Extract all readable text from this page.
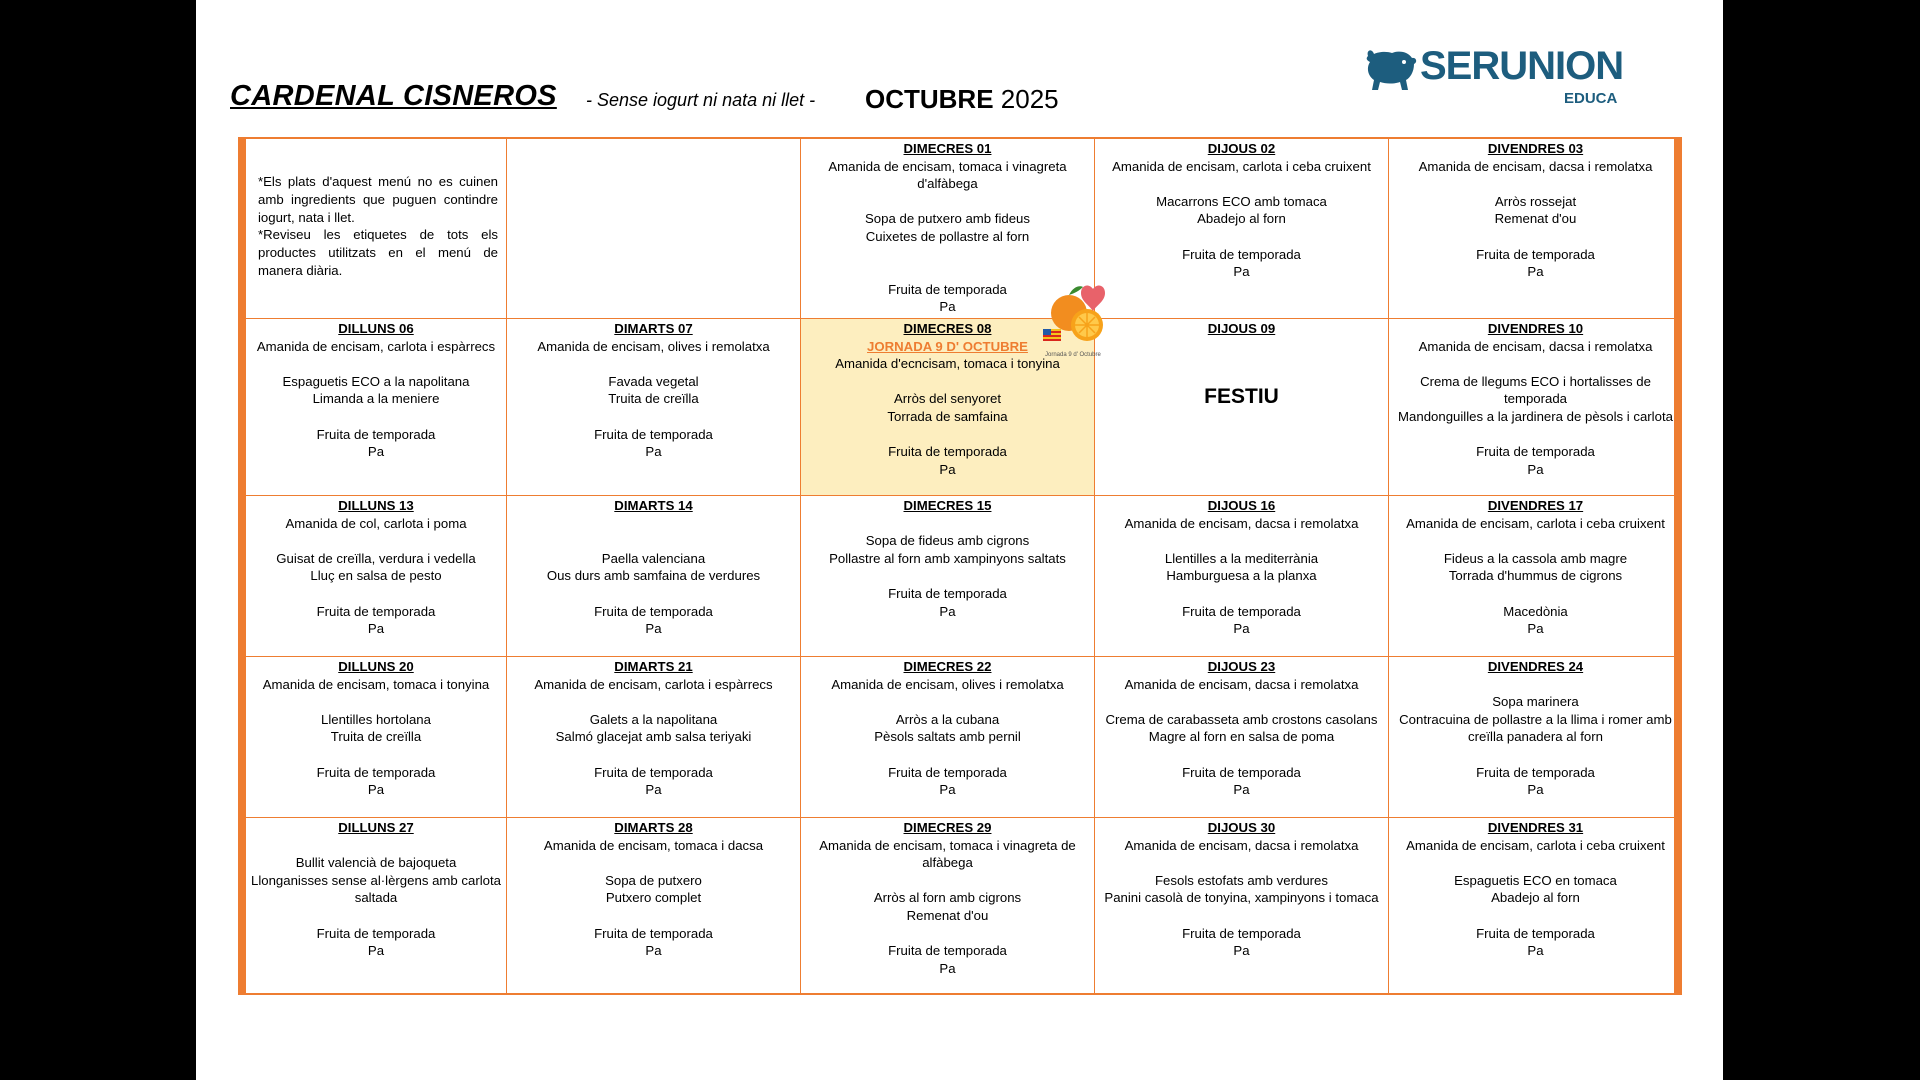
CARDENAL CISNEROS - Sense iogurt ni nata ni llet - OCTUBRE 2025
SERUNION
EDUCA
*Els plats d'aquest menú no es cuinen amb ingredients que puguen contindre iogurt, nata i llet.
*Reviseu les etiquetes de tots els productes utilitzats en el menú de manera diària.
DIMECRES 01
Amanida de encisam, tomaca i vinagreta d'alfàbega
Sopa de putxero amb fideus
Cuixetes de pollastre al forn
Fruita de temporada
Pa
DIJOUS 02
Amanida de encisam, carlota i ceba cruixent
Macarrons ECO amb tomaca
Abadejo al forn
Fruita de temporada
Pa
DIVENDRES 03
Amanida de encisam, dacsa i remolatxa
Arròs rossejat
Remenat d'ou
Fruita de temporada
Pa
DILLUNS 06
Amanida de encisam, carlota i espàrrecs
Espaguetis ECO a la napolitana
Limanda a la meniere
Fruita de temporada
Pa
DIMARTS 07
Amanida de encisam, olives i remolatxa
Favada vegetal
Truita de creïlla
Fruita de temporada
Pa
DIMECRES 08
JORNADA 9 D' OCTUBRE
Amanida d'ecncisam, tomaca i tonyina
Arròs del senyoret
Torrada de samfaina
Fruita de temporada
Pa
DIJOUS 09
FESTIU
DIVENDRES 10
Amanida de encisam, dacsa i remolatxa
Crema de llegums ECO i hortalisses de temporada
Mandonguilles a la jardinera de pèsols i carlota
Fruita de temporada
Pa
DILLUNS 13
Amanida de col, carlota i poma
Guisat de creïlla, verdura i vedella
Lluç en salsa de pesto
Fruita de temporada
Pa
DIMARTS 14
Paella valenciana
Ous durs amb samfaina de verdures
Fruita de temporada
Pa
DIMECRES 15
Sopa de fideus amb cigrons
Pollastre al forn amb xampinyons saltats
Fruita de temporada
Pa
DIJOUS 16
Amanida de encisam, dacsa i remolatxa
Llentilles a la mediterrània
Hamburguesa a la planxa
Fruita de temporada
Pa
DIVENDRES 17
Amanida de encisam, carlota i ceba cruixent
Fideus a la cassola amb magre
Torrada d'hummus de cigrons
Macedònia
Pa
DILLUNS 20
Amanida de encisam, tomaca i tonyina
Llentilles hortolana
Truita de creïlla
Fruita de temporada
Pa
DIMARTS 21
Amanida de encisam, carlota i espàrrecs
Galets a la napolitana
Salmó glacejat amb salsa teriyaki
Fruita de temporada
Pa
DIMECRES 22
Amanida de encisam, olives i remolatxa
Arròs a la cubana
Pèsols saltats amb pernil
Fruita de temporada
Pa
DIJOUS 23
Amanida de encisam, dacsa i remolatxa
Crema de carabasseta amb crostons casolans
Magre al forn en salsa de poma
Fruita de temporada
Pa
DIVENDRES 24
Sopa marinera
Contracuina de pollastre a la llima i romer amb creïlla panadera al forn
Fruita de temporada
Pa
DILLUNS 27
Bullit valencià de bajoqueta
Llonganisses sense al·lèrgens amb carlota saltada
Fruita de temporada
Pa
DIMARTS 28
Amanida de encisam, tomaca i dacsa
Sopa de putxero
Putxero complet
Fruita de temporada
Pa
DIMECRES 29
Amanida de encisam, tomaca i vinagreta de alfàbega
Arròs al forn amb cigrons
Remenat d'ou
Fruita de temporada
Pa
DIJOUS 30
Amanida de encisam, dacsa i remolatxa
Fesols estofats amb verdures
Panini casolà de tonyina, xampinyons i tomaca
Fruita de temporada
Pa
DIVENDRES 31
Amanida de encisam, carlota i ceba cruixent
Espaguetis ECO en tomaca
Abadejo al forn
Fruita de temporada
Pa
Jornada 9 d' Octubre
